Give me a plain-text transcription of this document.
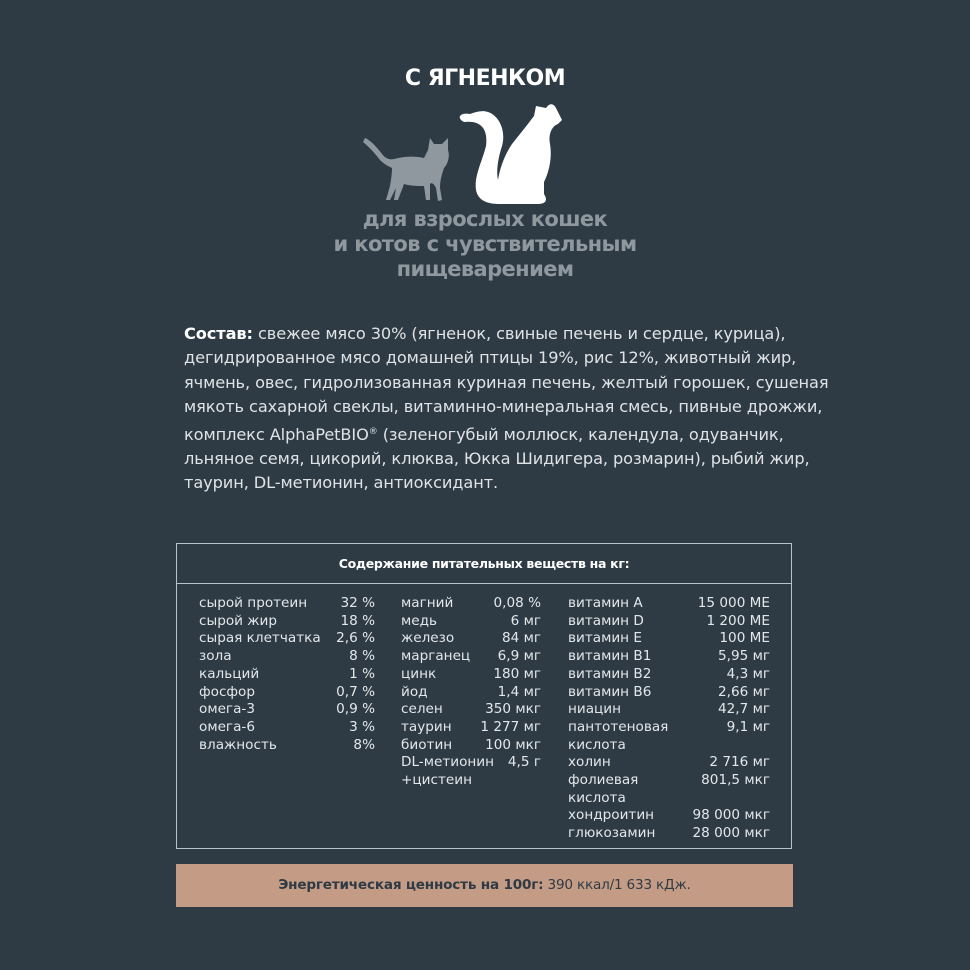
С ЯГНЕНКОМ
для взрослых кошек
и котов с чувствительным
пищеварением
Состав: свежее мясо 30% (ягненок, свиные печень и сердце, курица),
дегидрированное мясо домашней птицы 19%, рис 12%, животный жир,
ячмень, овес, гидролизованная куриная печень, желтый горошек, сушеная
мякоть сахарной свеклы, витаминно-минеральная смесь, пивные дрожжи,
комплекс AlphaPetBIO® (зеленогубый моллюск, календула, одуванчик,
льняное семя, цикорий, клюква, Юкка Шидигера, розмарин), рыбий жир,
таурин, DL-метионин, антиоксидант.
Содержание питательных веществ на кг:
сырой протеин 32 %
сырой жир	18 %
сырая клетчатка 2,6 %
зола	8 %
кальций	1 %
фосфор	0,7 %
омега-3	0,9 %
омега-6	3 %
влажность	8%
магний	0,08 %
медь	6 мг
железо	84 мг
марганец 6,9 мг
цинк	180 мг
йод	1,4 мг
селен	350 мкг
таурин 1 277 мг
биотин 100 мкг
DL-метионин 4,5 г
+цистеин
витамин А	15 000 МЕ
витамин D	1 200 МЕ
витамин Е	100 МЕ
витамин В1	5,95 мг
витамин В2	4,3 мг
витамин В6	2,66 мг
ниацин	42,7 мг
пантотеновая	9,1 мг
кислота
холин	2 716 мг
фолиевая	801,5 мкг
кислота
хондроитин	98 000 мкг
глюкозамин	28 000 мкг
Энергетическая ценность на 100г: 390 ккал/1 633 кДж.
